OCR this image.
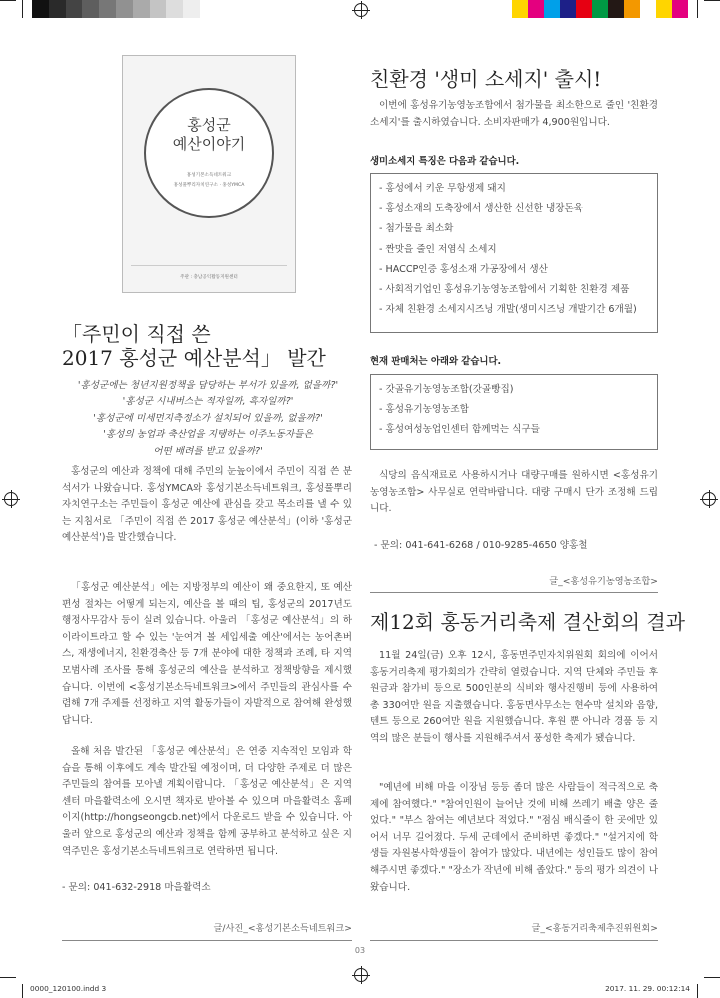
홍성군
예산이야기
홍성기본소득네트워크
홍성풀뿌리자치연구소 · 홍성YMCA
주관 : 충남공익활동지원센터
「주민이 직접 쓴
2017 홍성군 예산분석」 발간
'홍성군에는 청년지원정책을 담당하는 부서가 있을까, 없을까?'
'홍성군 시내버스는 적자일까, 흑자일까?'
'홍성군에 미세먼지측정소가 설치되어 있을까, 없을까?'
'홍성의 농업과 축산업을 지탱하는 이주노동자들은
어떤 배려를 받고 있을까?'
홍성군의 예산과 정책에 대해 주민의 눈높이에서 주민이 직접 쓴 분석서가 나왔습니다. 홍성YMCA와 홍성기본소득네트워크, 홍성풀뿌리자치연구소는 주민들이 홍성군 예산에 관심을 갖고 목소리를 낼 수 있는 지침서로 「주민이 직접 쓴 2017 홍성군 예산분석」(이하 '홍성군 예산분석')을 발간했습니다.
「홍성군 예산분석」에는 지방정부의 예산이 왜 중요한지, 또 예산편성 절차는 어떻게 되는지, 예산을 볼 때의 팁, 홍성군의 2017년도 행정사무감사 등이 실려 있습니다. 아울러 「홍성군 예산분석」의 하이라이트라고 할 수 있는 '눈여겨 볼 세입세출 예산'에서는 농어촌버스, 재생에너지, 친환경축산 등 7개 분야에 대한 정책과 조례, 타 지역 모범사례 조사를 통해 홍성군의 예산을 분석하고 정책방향을 제시했습니다. 이번에 <홍성기본소득네트워크>에서 주민들의 관심사를 수렴해 7개 주제를 선정하고 지역 활동가들이 자발적으로 참여해 완성했답니다.
올해 처음 발간된 「홍성군 예산분석」은 연중 지속적인 모임과 학습을 통해 이후에도 계속 발간될 예정이며, 더 다양한 주제로 더 많은 주민들의 참여를 모아낼 계획이랍니다. 「홍성군 예산분석」은 지역센터 마을활력소에 오시면 책자로 받아볼 수 있으며 마을활력소 홈페이지(http://hongseongcb.net)에서 다운로드 받을 수 있습니다. 아울러 앞으로 홍성군의 예산과 정책을 함께 공부하고 분석하고 싶은 지역주민은 홍성기본소득네트워크로 연락하면 됩니다.
- 문의: 041-632-2918 마을활력소
글/사진_<홍성기본소득네트워크>
친환경 '생미 소세지' 출시!
이번에 홍성유기농영농조합에서 첨가물을 최소한으로 줄인 '친환경 소세지'를 출시하였습니다. 소비자판매가 4,900원입니다.
생미소세지 특징은 다음과 같습니다.
- 홍성에서 키운 무항생제 돼지
- 홍성소재의 도축장에서 생산한 신선한 냉장돈육
- 첨가물을 최소화
- 짠맛을 줄인 저염식 소세지
- HACCP인증 홍성소재 가공장에서 생산
- 사회적기업인 홍성유기농영농조합에서 기획한 친환경 제품
- 자체 친환경 소세지시즈닝 개발(생미시즈닝 개발기간 6개월)
현재 판매처는 아래와 같습니다.
- 갓골유기농영농조합(갓골빵집)
- 홍성유기농영농조합
- 홍성여성농업인센터 함께먹는 식구들
식당의 음식재료로 사용하시거나 대량구매를 원하시면 <홍성유기농영농조합> 사무실로 연락바랍니다. 대량 구매시 단가 조정해 드립니다.
- 문의: 041-641-6268 / 010-9285-4650 양홍철
글_<홍성유기농영농조합>
제12회 홍동거리축제 결산회의 결과
11월 24일(금) 오후 12시, 홍동면주민자치위원회 회의에 이어서 홍동거리축제 평가회의가 간략히 열렸습니다. 지역 단체와 주민들 후원금과 참가비 등으로 500인분의 식비와 행사진행비 등에 사용하여 총 330여만 원을 지출했습니다. 홍동면사무소는 현수막 설치와 음향, 텐트 등으로 260여만 원을 지원했습니다. 후원 뿐 아니라 경품 등 지역의 많은 분들이 행사를 지원해주셔서 풍성한 축제가 됐습니다.
"예년에 비해 마을 이장님 등등 좀더 많은 사람들이 적극적으로 축제에 참여했다." "참여인원이 늘어난 것에 비해 쓰레기 배출 양은 줄었다." "부스 참여는 예년보다 적었다." "점심 배식줄이 한 곳에만 있어서 너무 길어졌다. 두세 군데에서 준비하면 좋겠다." "설거지에 학생들 자원봉사학생들이 참여가 많았다. 내년에는 성인들도 많이 참여해주시면 좋겠다." "장소가 작년에 비해 좁았다." 등의 평가 의견이 나왔습니다.
글_<홍동거리축제추진위원회>
03
0000_120100.indd 3	2017. 11. 29. 00:12:14
